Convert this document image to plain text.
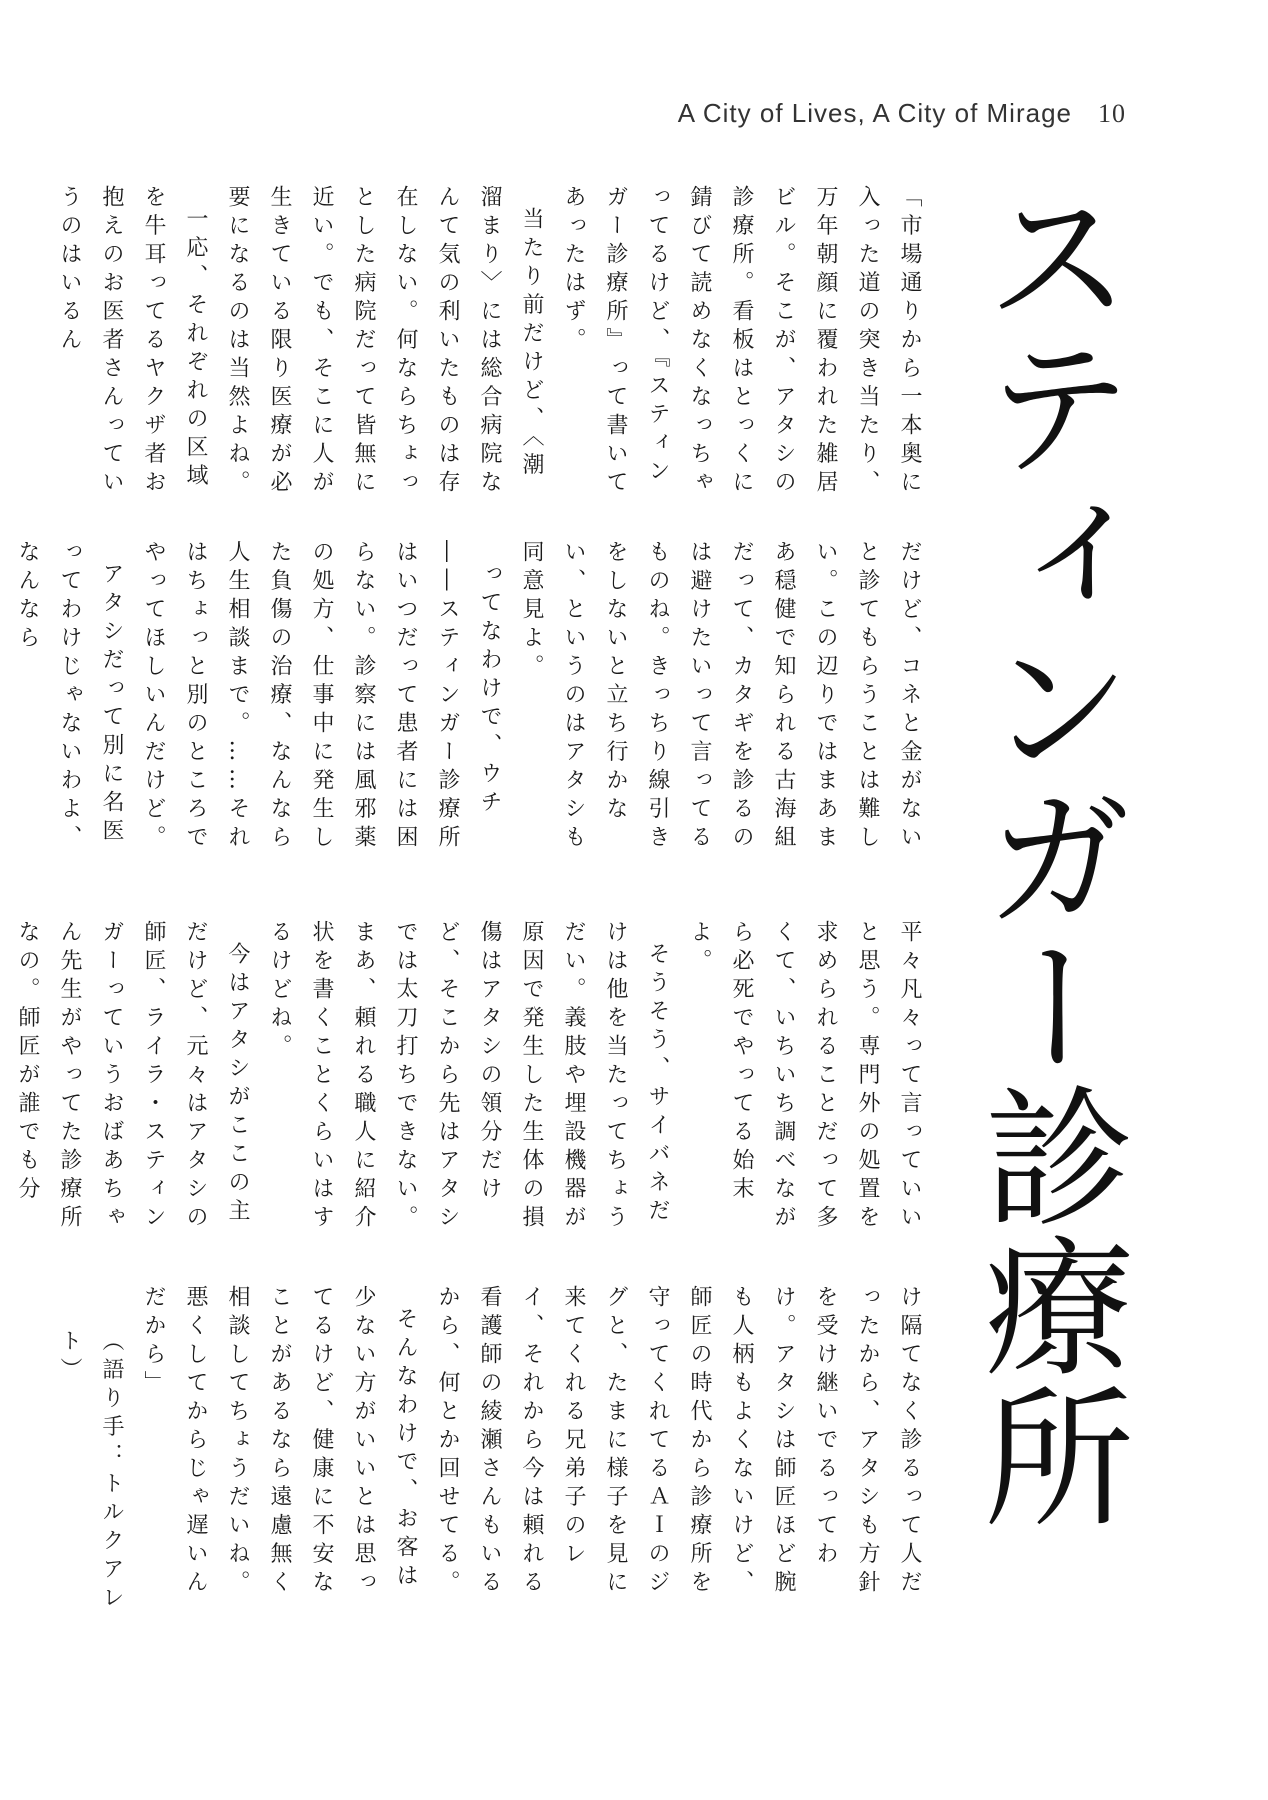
A City of Lives, A City of Mirage 10
スティンガー診療所

「市場通りから一本奥に入った道の突き当たり、万年朝顔に覆われた雑居ビル。そこが、アタシの診療所。看板はとっくに錆びて読めなくなっちゃってるけど、『スティンガー診療所』って書いてあったはず。

当たり前だけど、〈潮溜まり〉には総合病院なんて気の利いたものは存在しない。何ならちょっとした病院だって皆無に近い。でも、そこに人が生きている限り医療が必要になるのは当然よね。

一応、それぞれの区域を牛耳ってるヤクザ者お抱えのお医者さんっていうのはいるん

だけど、コネと金がないと診てもらうことは難しい。この辺りではまあまあ穏健で知られる古海組だって、カタギを診るのは避けたいって言ってるものね。きっちり線引きをしないと立ち行かない、というのはアタシも同意見よ。

ってなわけで、ウチ――スティンガー診療所はいつだって患者には困らない。診察には風邪薬の処方、仕事中に発生した負傷の治療、なんなら人生相談まで。……それはちょっと別のところでやってほしいんだけど。

アタシだって別に名医ってわけじゃないわよ、なんなら

平々凡々って言っていいと思う。専門外の処置を求められることだって多くて、いちいち調べながら必死でやってる始末よ。

そうそう、サイバネだけは他を当たってちょうだい。義肢や埋設機器が原因で発生した生体の損傷はアタシの領分だけど、そこから先はアタシでは太刀打ちできない。まあ、頼れる職人に紹介状を書くことくらいはするけどね。

今はアタシがここの主だけど、元々はアタシの師匠、ライラ・スティンガーっていうおばあちゃん先生がやってた診療所なの。師匠が誰でも分

け隔てなく診るって人だったから、アタシも方針を受け継いでるってわけ。アタシは師匠ほど腕も人柄もよくないけど、師匠の時代から診療所を守ってくれてるＡＩのジグと、たまに様子を見に来てくれる兄弟子のレイ、それから今は頼れる看護師の綾瀬さんもいるから、何とか回せてる。

そんなわけで、お客は少ない方がいいとは思ってるけど、健康に不安なことがあるなら遠慮無く相談してちょうだいね。悪くしてからじゃ遅いんだから」

（語り手：トルクアレト）
